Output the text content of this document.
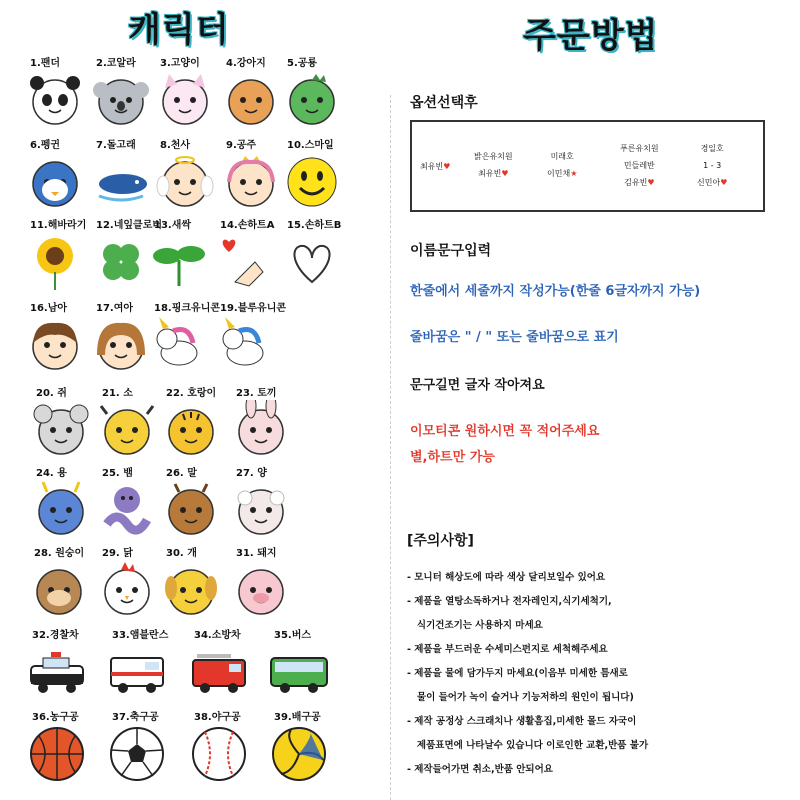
캐릭터
1.팬더	2.코알라 3.고양이	4.강아지 5.공룡
6.펭귄	7.돌고래 8.천사	9.공주	10.스마일
11.해바라기 12.네잎클로버
13.새싹	14.손하트A 15.손하트B
16.남아	17.여아 18.핑크유니콘 19.블루유니콘
20. 쥐	21. 소	22. 호랑이 23. 토끼
24. 용	25. 뱀	26. 말	27. 양
28. 원숭이 29. 닭	30. 개	31. 돼지
32.경찰차	33.앰블란스	34.소방차	35.버스
36.농구공	37.축구공	38.야구공	39.배구공
주문방법
옵션선택후
최유빈♥
밝은유치원
최유빈♥
미래호
이민채★
푸른유치원
민들레반
김유빈♥
경일호
1 - 3
신민아♥
이름문구입력
한줄에서 세줄까지 작성가능(한줄 6글자까지 가능)
줄바꿈은 " / " 또는 줄바꿈으로 표기
문구길면 글자 작아져요
이모티콘 원하시면 꼭 적어주세요
별,하트만 가능
[주의사항]
- 모니터 해상도에 따라 색상 달리보일수 있어요
- 제품을 열탕소독하거나 전자레인지,식기세척기,
식기건조기는 사용하지 마세요
- 제품을 부드러운 수세미스펀지로 세척해주세요
- 제품을 물에 담가두지 마세요(이음부 미세한 틈새로
물이 들어가 녹이 슬거나 기능저하의 원인이 됩니다)
- 제작 공정상 스크래치나 생활흠집,미세한 몰드 자국이
제품표면에 나타날수 있습니다 이로인한 교환,반품 불가
- 제작들어가면 취소,반품 안되어요
